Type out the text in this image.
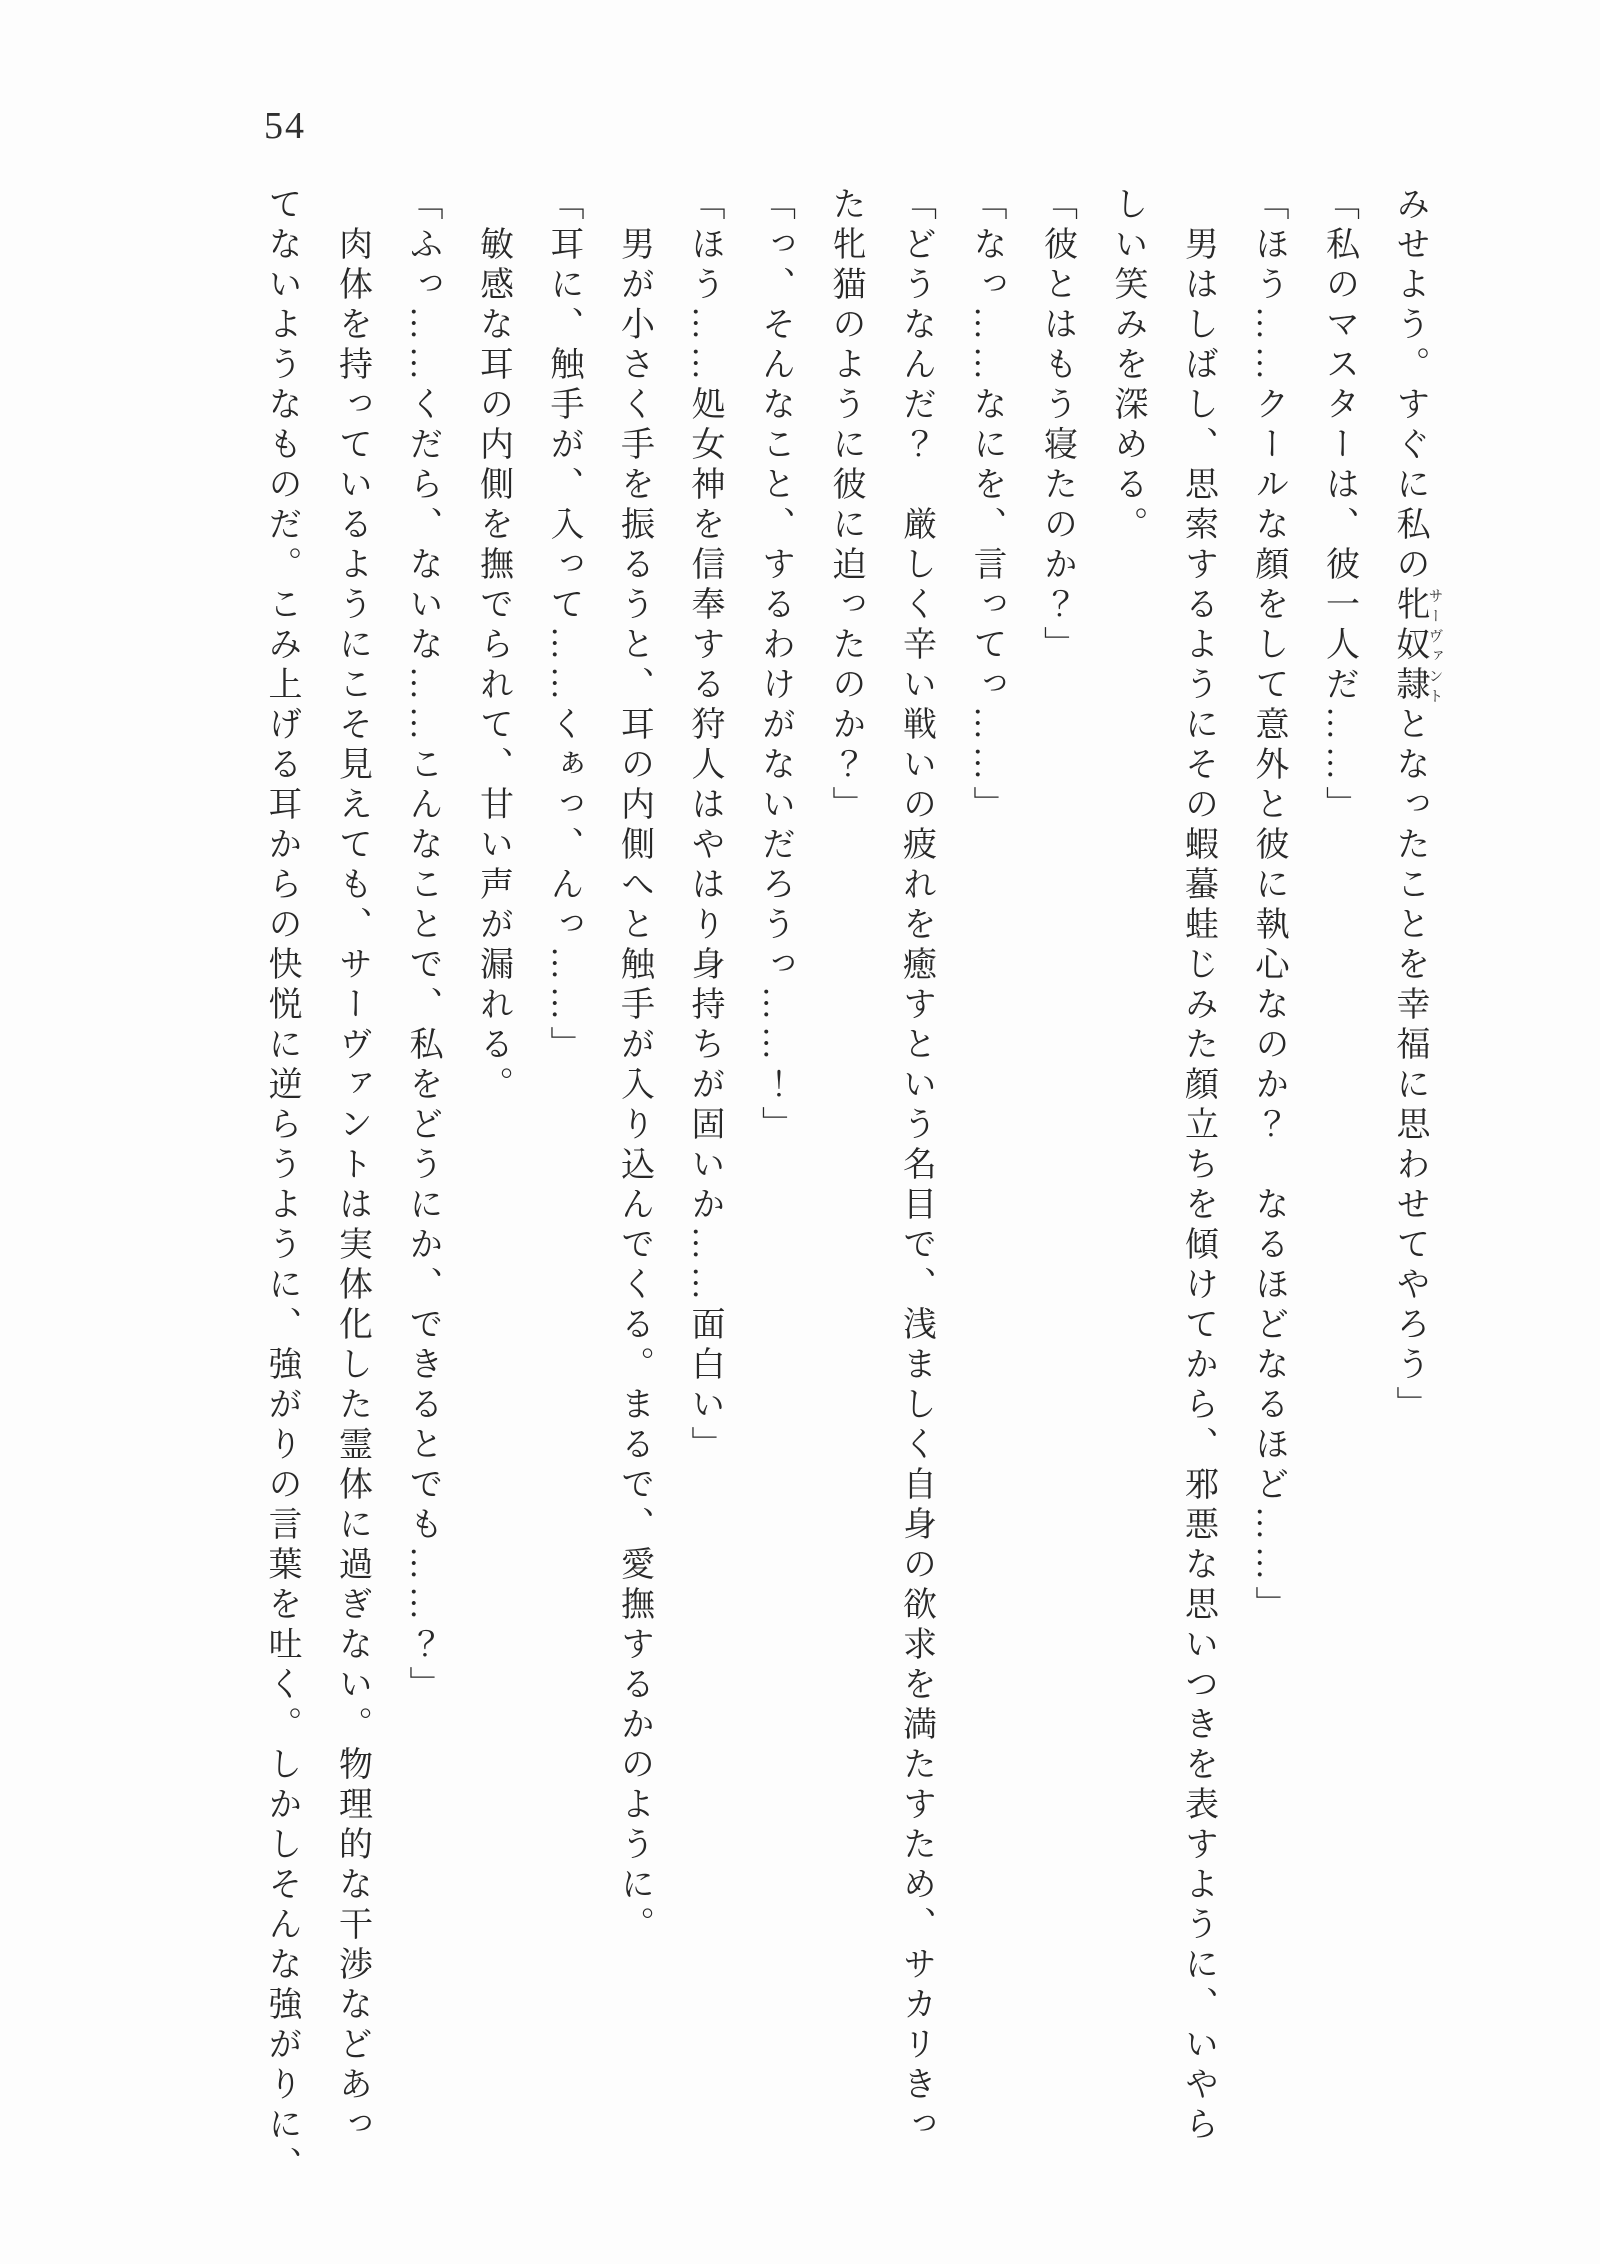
54

みせよう。すぐに私の牝奴隷サーヴァントとなったことを幸福に思わせてやろう」

「私のマスターは、彼一人だ……」

「ほう……クールな顔をして意外と彼に執心なのか？　なるほどなるほど……」

男はしばし、思索するようにその蝦蟇蛙じみた顔立ちを傾けてから、邪悪な思いつきを表すように、いやら

しい笑みを深める。

「彼とはもう寝たのか？」

「なっ……なにを、言ってっ……」

「どうなんだ？　厳しく辛い戦いの疲れを癒すという名目で、浅ましく自身の欲求を満たすため、サカリきっ

た牝猫のように彼に迫ったのか？」

「っ、そんなこと、するわけがないだろうっ……！」

「ほう……処女神を信奉する狩人はやはり身持ちが固いか……面白い」

男が小さく手を振るうと、耳の内側へと触手が入り込んでくる。まるで、愛撫するかのように。

「耳に、触手が、入って……くぁっ、んっ……」

敏感な耳の内側を撫でられて、甘い声が漏れる。

「ふっ……くだら、ないな……こんなことで、私をどうにか、できるとでも……？」

肉体を持っているようにこそ見えても、サーヴァントは実体化した霊体に過ぎない。物理的な干渉などあっ

てないようなものだ。こみ上げる耳からの快悦に逆らうように、強がりの言葉を吐く。しかしそんな強がりに、
